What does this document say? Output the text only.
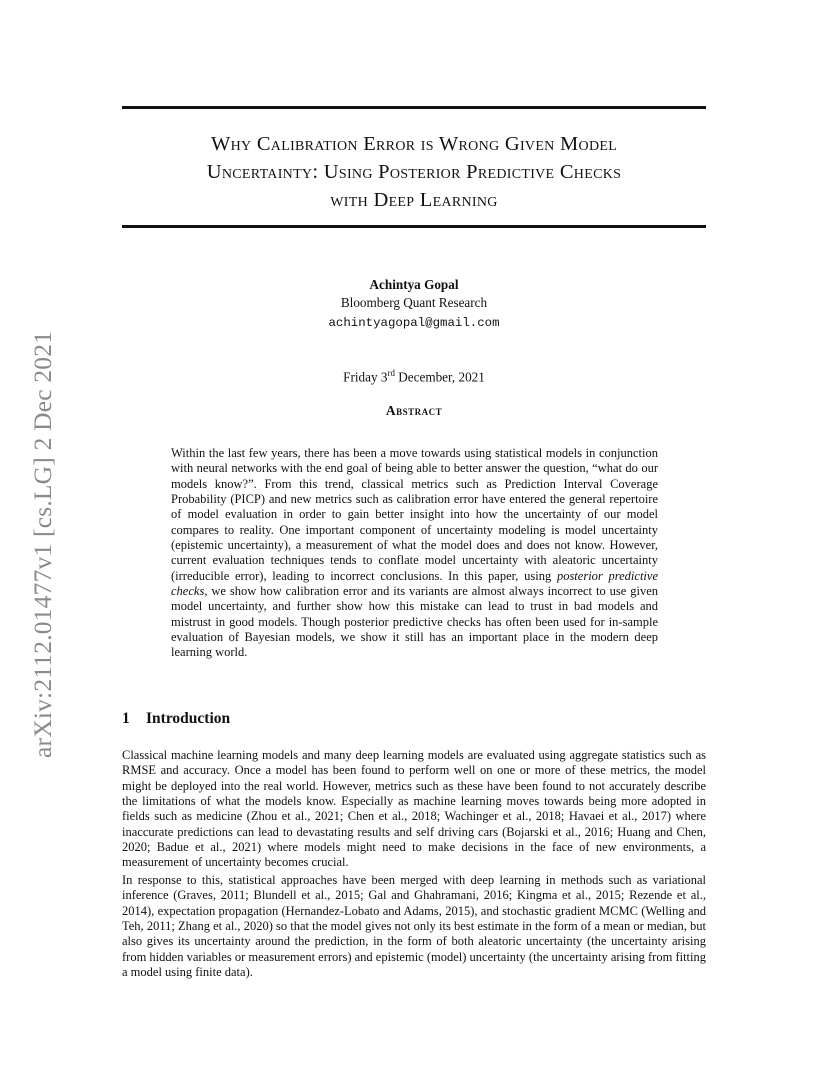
arXiv:2112.01477v1 [cs.LG] 2 Dec 2021
Why Calibration Error is Wrong Given Model
Uncertainty: Using Posterior Predictive Checks
with Deep Learning
Achintya Gopal
Bloomberg Quant Research
achintyagopal@gmail.com
Friday 3rd December, 2021
Abstract

Within the last few years, there has been a move towards using statistical models in conjunction with neural networks with the end goal of being able to better answer the question, “what do our models know?”. From this trend, classical metrics such as Prediction Interval Coverage Probability (PICP) and new metrics such as calibration error have entered the general repertoire of model evaluation in order to gain better insight into how the uncertainty of our model compares to reality. One important component of uncertainty modeling is model uncertainty (epistemic uncertainty), a measurement of what the model does and does not know. However, current evaluation techniques tends to conflate model uncertainty with aleatoric uncertainty (irreducible error), leading to incorrect conclusions. In this paper, using posterior predictive checks, we show how calibration error and its variants are almost always incorrect to use given model uncertainty, and further show how this mistake can lead to trust in bad models and mistrust in good models. Though posterior predictive checks has often been used for in-sample evaluation of Bayesian models, we show it still has an important place in the modern deep learning world.

1 Introduction

Classical machine learning models and many deep learning models are evaluated using aggregate statistics such as RMSE and accuracy. Once a model has been found to perform well on one or more of these metrics, the model might be deployed into the real world. However, metrics such as these have been found to not accurately describe the limitations of what the models know. Especially as machine learning moves towards being more adopted in fields such as medicine (Zhou et al., 2021; Chen et al., 2018; Wachinger et al., 2018; Havaei et al., 2017) where inaccurate predictions can lead to devastating results and self driving cars (Bojarski et al., 2016; Huang and Chen, 2020; Badue et al., 2021) where models might need to make decisions in the face of new environments, a measurement of uncertainty becomes crucial.

In response to this, statistical approaches have been merged with deep learning in methods such as variational inference (Graves, 2011; Blundell et al., 2015; Gal and Ghahramani, 2016; Kingma et al., 2015; Rezende et al., 2014), expectation propagation (Hernandez-Lobato and Adams, 2015), and stochastic gradient MCMC (Welling and Teh, 2011; Zhang et al., 2020) so that the model gives not only its best estimate in the form of a mean or median, but also gives its uncertainty around the prediction, in the form of both aleatoric uncertainty (the uncertainty arising from hidden variables or measurement errors) and epistemic (model) uncertainty (the uncertainty arising from fitting a model using finite data).
